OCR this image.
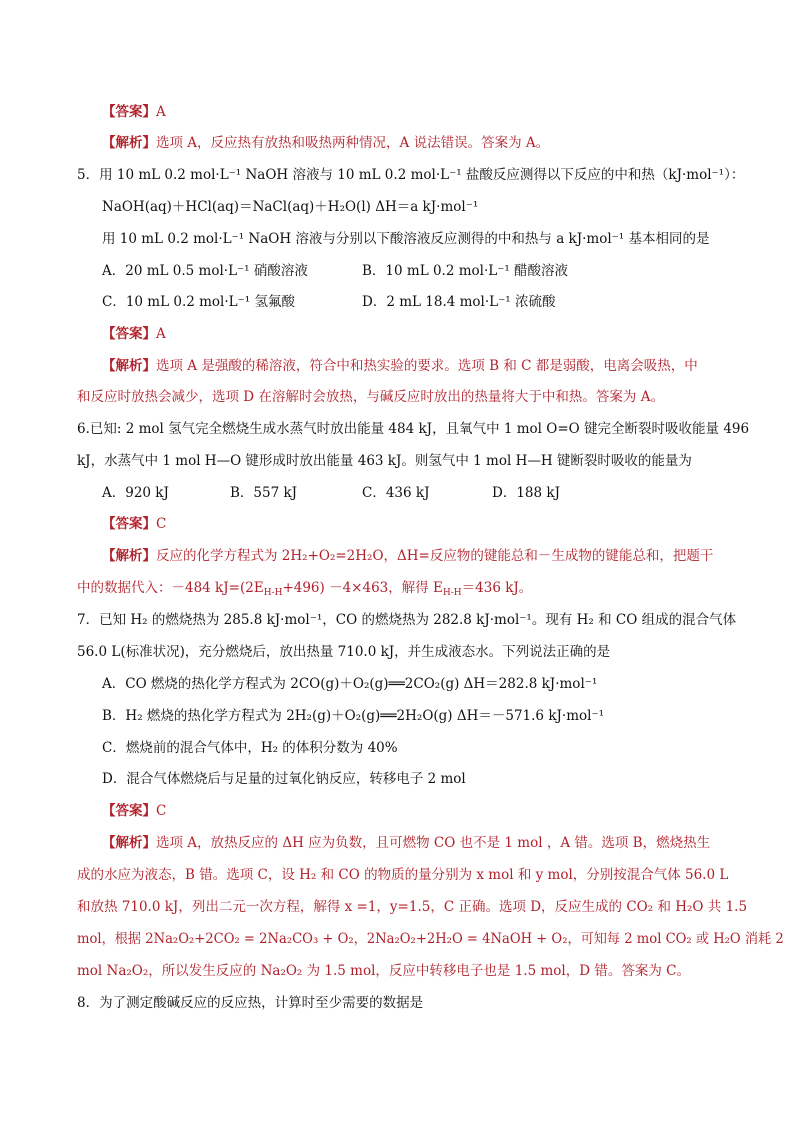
【答案】A
【解析】选项 A，反应热有放热和吸热两种情况，A 说法错误。答案为 A。
5．用 10 mL 0.2 mol·L⁻¹ NaOH 溶液与 10 mL 0.2 mol·L⁻¹ 盐酸反应测得以下反应的中和热（kJ·mol⁻¹）：
NaOH(aq)＋HCl(aq)＝NaCl(aq)＋H₂O(l) ΔH＝a kJ·mol⁻¹
用 10 mL 0.2 mol·L⁻¹ NaOH 溶液与分别以下酸溶液反应测得的中和热与 a kJ·mol⁻¹ 基本相同的是
A．20 mL 0.5 mol·L⁻¹ 硝酸溶液	B．10 mL 0.2 mol·L⁻¹ 醋酸溶液
C．10 mL 0.2 mol·L⁻¹ 氢氟酸	D．2 mL 18.4 mol·L⁻¹ 浓硫酸
【答案】A
【解析】选项 A 是强酸的稀溶液，符合中和热实验的要求。选项 B 和 C 都是弱酸，电离会吸热，中
和反应时放热会减少，选项 D 在溶解时会放热，与碱反应时放出的热量将大于中和热。答案为 A。
6.已知: 2 mol 氢气完全燃烧生成水蒸气时放出能量 484 kJ，且氧气中 1 mol O=O 键完全断裂时吸收能量 496
kJ，水蒸气中 1 mol H—O 键形成时放出能量 463 kJ。则氢气中 1 mol H—H 键断裂时吸收的能量为
A．920 kJ	B．557 kJ	C．436 kJ	D．188 kJ
【答案】C
【解析】反应的化学方程式为 2H₂+O₂=2H₂O，ΔH=反应物的键能总和－生成物的键能总和，把题干
中的数据代入：－484 $kJ=(2E_{H-H}+496) -4\times 463$，解得 $E_{H-H}=436$ kJ。
7．已知 H₂ 的燃烧热为 285.8 kJ·mol⁻¹，CO 的燃烧热为 282.8 kJ·mol⁻¹。现有 H₂ 和 CO 组成的混合气体
56.0 L(标准状况)，充分燃烧后，放出热量 710.0 kJ，并生成液态水。下列说法正确的是
A．CO 燃烧的热化学方程式为 2CO(g)＋O₂(g)══2CO₂(g) ΔH＝282.8 kJ·mol⁻¹
B．H₂ 燃烧的热化学方程式为 2H₂(g)＋O₂(g)══2H₂O(g) ΔH＝－571.6 kJ·mol⁻¹
C．燃烧前的混合气体中，H₂ 的体积分数为 40%
D．混合气体燃烧后与足量的过氧化钠反应，转移电子 2 mol
【答案】C
【解析】选项 A，放热反应的 ΔH 应为负数，且可燃物 CO 也不是 1 mol ，A 错。选项 B，燃烧热生
成的水应为液态，B 错。选项 C，设 H₂ 和 CO 的物质的量分别为 x mol 和 y mol，分别按混合气体 56.0 L
和放热 710.0 kJ，列出二元一次方程，解得 x =1，y=1.5，C 正确。选项 D，反应生成的 CO₂ 和 H₂O 共 1.5
mol，根据 2Na₂O₂+2CO₂ = 2Na₂CO₃ + O₂，2Na₂O₂+2H₂O = 4NaOH + O₂，可知每 2 mol CO₂ 或 H₂O 消耗 2
mol Na₂O₂，所以发生反应的 Na₂O₂ 为 1.5 mol，反应中转移电子也是 1.5 mol，D 错。答案为 C。
8．为了测定酸碱反应的反应热，计算时至少需要的数据是
